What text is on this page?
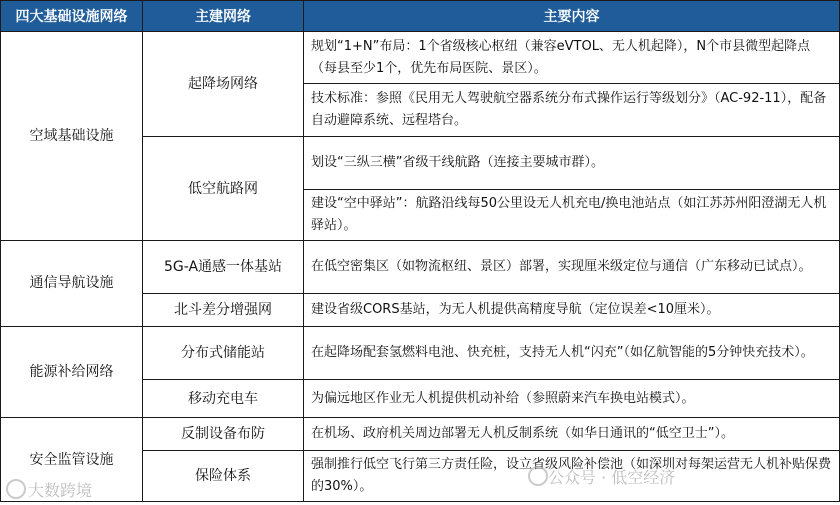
四大基础设施网络	主建网络	主要内容
空域基础设施	起降场网络	规划“1+N”布局：1个省级核心枢纽（兼容eVTOL、无人机起降），N个市县微型起降点（每县至少1个，优先布局医院、景区）。
		技术标准：参照《民用无人驾驶航空器系统分布式操作运行等级划分》（AC-92-11），配备自动避障系统、远程塔台。
	低空航路网	划设“三纵三横”省级干线航路（连接主要城市群）。
		建设“空中驿站”：航路沿线每50公里设无人机充电/换电池站点（如江苏苏州阳澄湖无人机驿站）。
通信导航设施	5G-A通感一体基站	在低空密集区（如物流枢纽、景区）部署，实现厘米级定位与通信（广东移动已试点）。
	北斗差分增强网	建设省级CORS基站，为无人机提供高精度导航（定位误差<10厘米）。
能源补给网络	分布式储能站	在起降场配套氢燃料电池、快充桩，支持无人机“闪充”（如亿航智能的5分钟快充技术）。
	移动充电车	为偏远地区作业无人机提供机动补给（参照蔚来汽车换电站模式）。
安全监管设施	反制设备布防	在机场、政府机关周边部署无人机反制系统（如华日通讯的“低空卫士”）。
	保险体系	强制推行低空飞行第三方责任险，设立省级风险补偿池（如深圳对每架运营无人机补贴保费的30%）。
大数跨境
公众号 · 低空经济
